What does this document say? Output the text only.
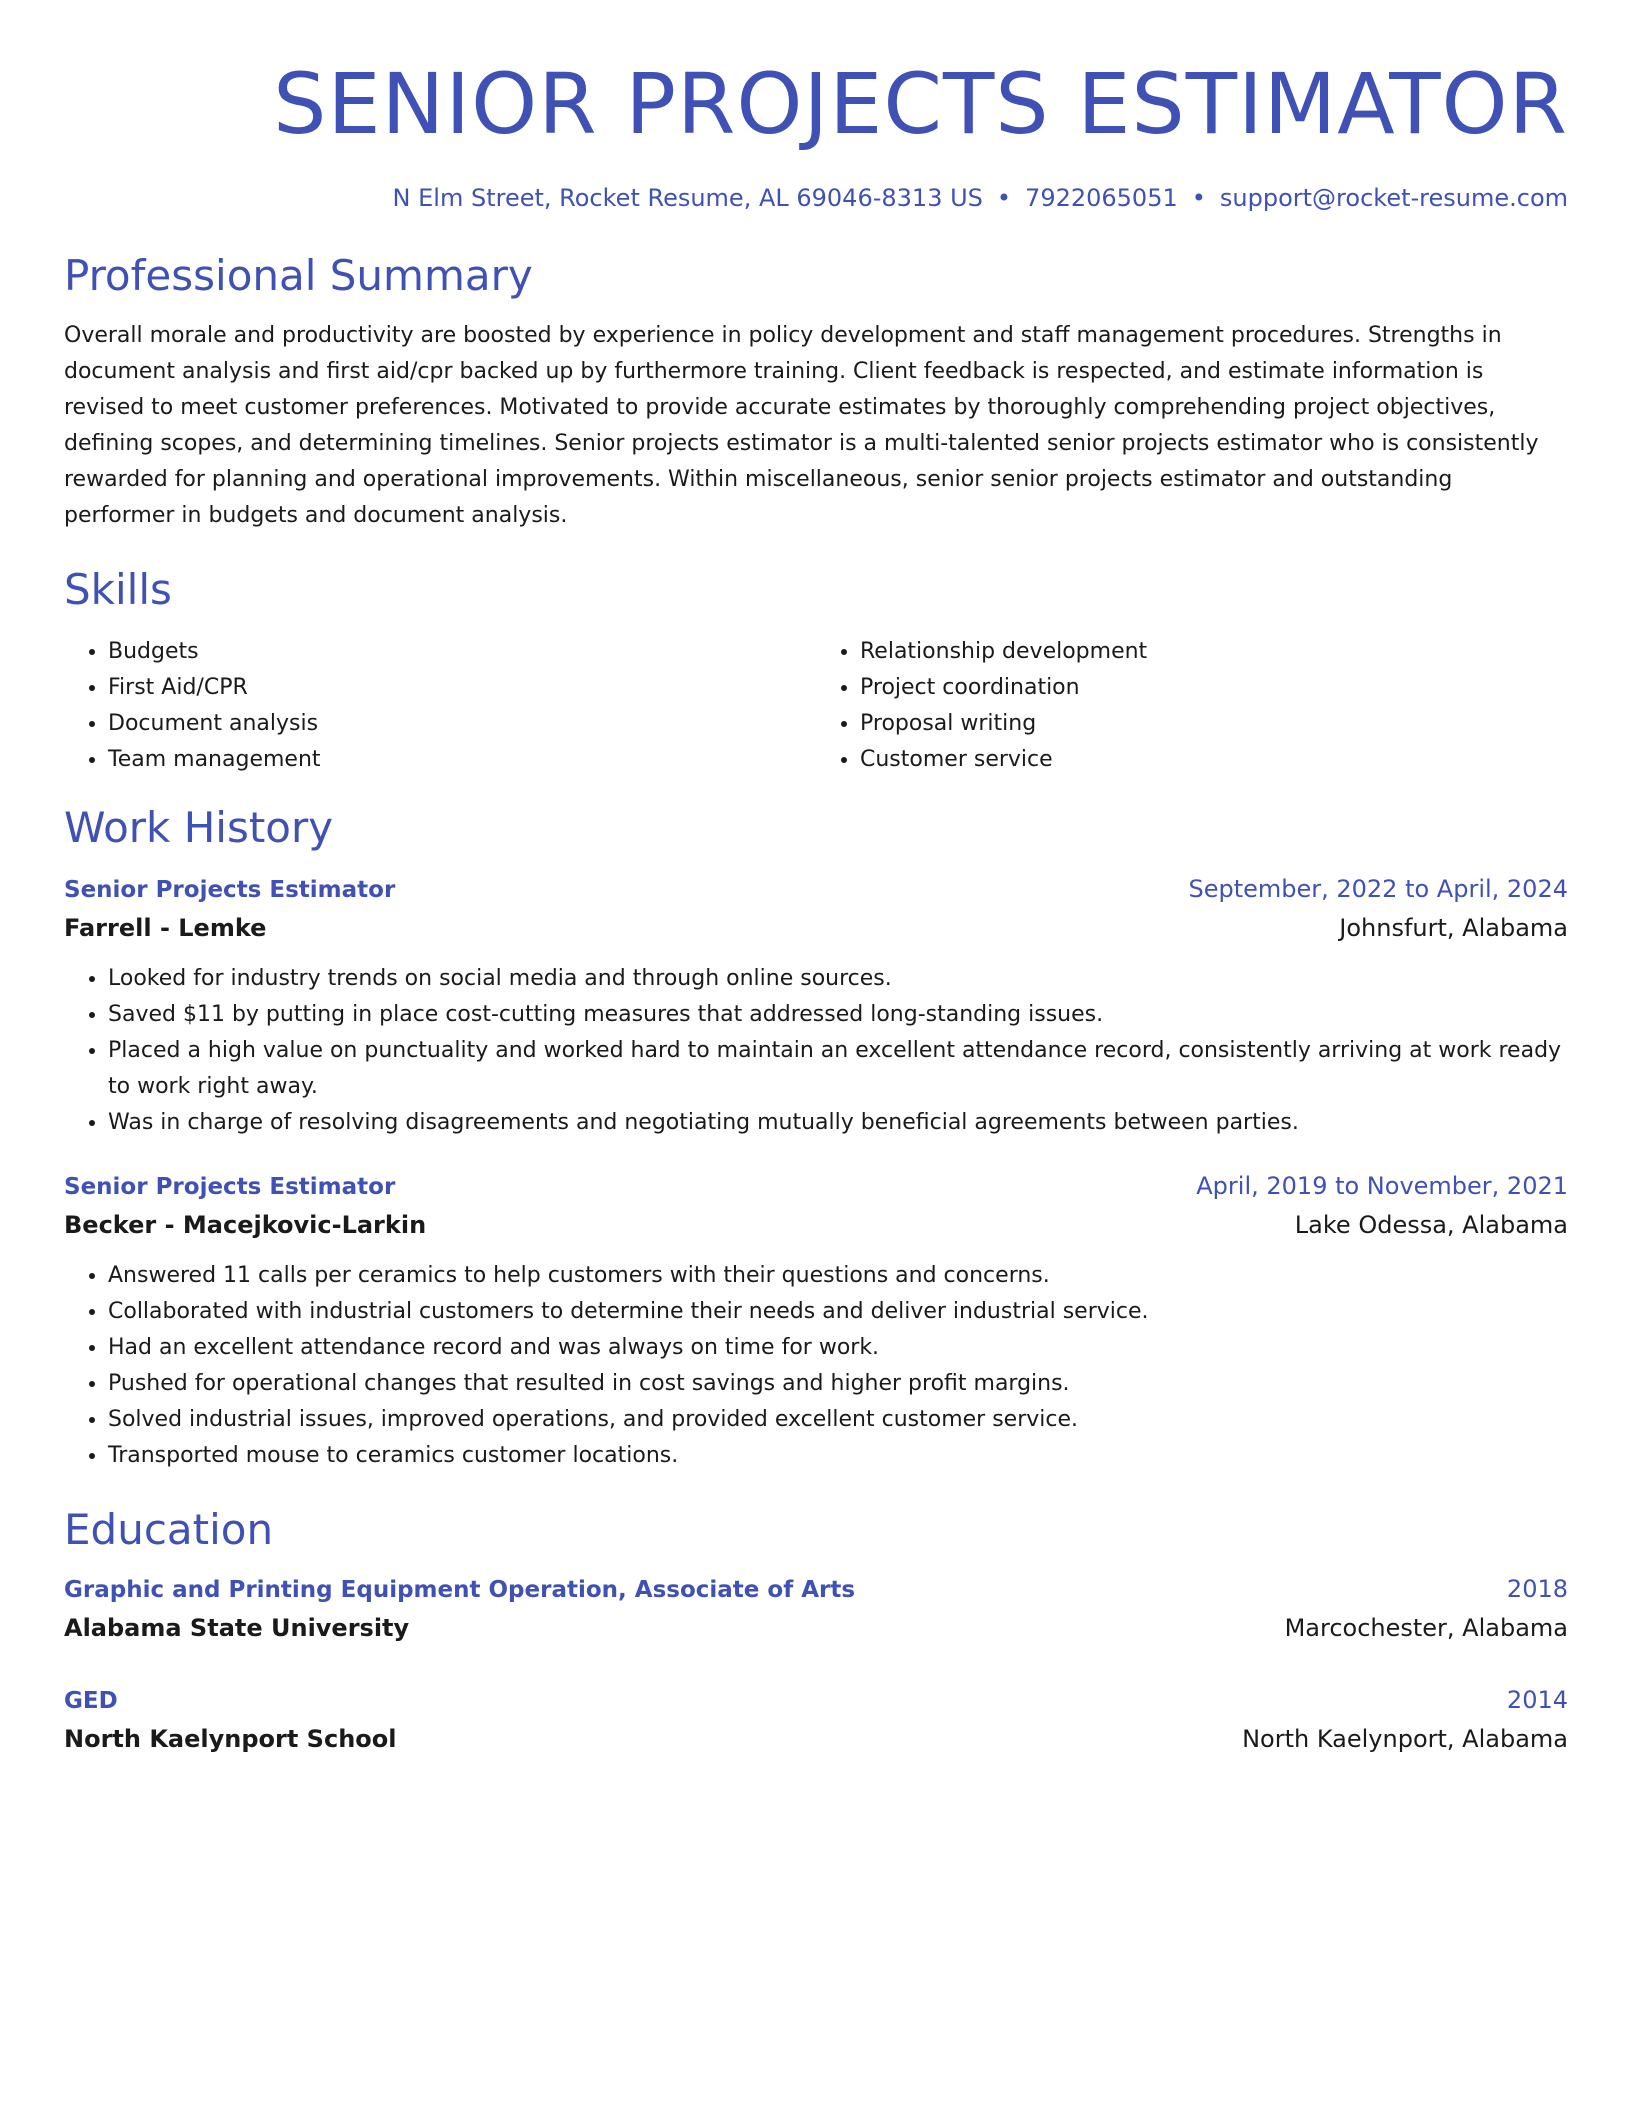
SENIOR PROJECTS ESTIMATOR
N Elm Street, Rocket Resume, AL 69046-8313 US • 7922065051 • support@rocket-resume.com
Professional Summary
Overall morale and productivity are boosted by experience in policy development and staff management procedures. Strengths in document analysis and first aid/cpr backed up by furthermore training. Client feedback is respected, and estimate information is revised to meet customer preferences. Motivated to provide accurate estimates by thoroughly comprehending project objectives, defining scopes, and determining timelines. Senior projects estimator is a multi-talented senior projects estimator who is consistently rewarded for planning and operational improvements. Within miscellaneous, senior senior projects estimator and outstanding performer in budgets and document analysis.
Skills
• Budgets
• First Aid/CPR
• Document analysis
• Team management
• Relationship development
• Project coordination
• Proposal writing
• Customer service
Work History
Senior Projects Estimator	September, 2022 to April, 2024
Farrell - Lemke	Johnsfurt, Alabama
• Looked for industry trends on social media and through online sources.
• Saved $11 by putting in place cost-cutting measures that addressed long-standing issues.
• Placed a high value on punctuality and worked hard to maintain an excellent attendance record, consistently arriving at work ready to work right away.
• Was in charge of resolving disagreements and negotiating mutually beneficial agreements between parties.
Senior Projects Estimator	April, 2019 to November, 2021
Becker - Macejkovic-Larkin	Lake Odessa, Alabama
• Answered 11 calls per ceramics to help customers with their questions and concerns.
• Collaborated with industrial customers to determine their needs and deliver industrial service.
• Had an excellent attendance record and was always on time for work.
• Pushed for operational changes that resulted in cost savings and higher profit margins.
• Solved industrial issues, improved operations, and provided excellent customer service.
• Transported mouse to ceramics customer locations.
Education
Graphic and Printing Equipment Operation, Associate of Arts	2018
Alabama State University	Marcochester, Alabama
GED	2014
North Kaelynport School	North Kaelynport, Alabama
